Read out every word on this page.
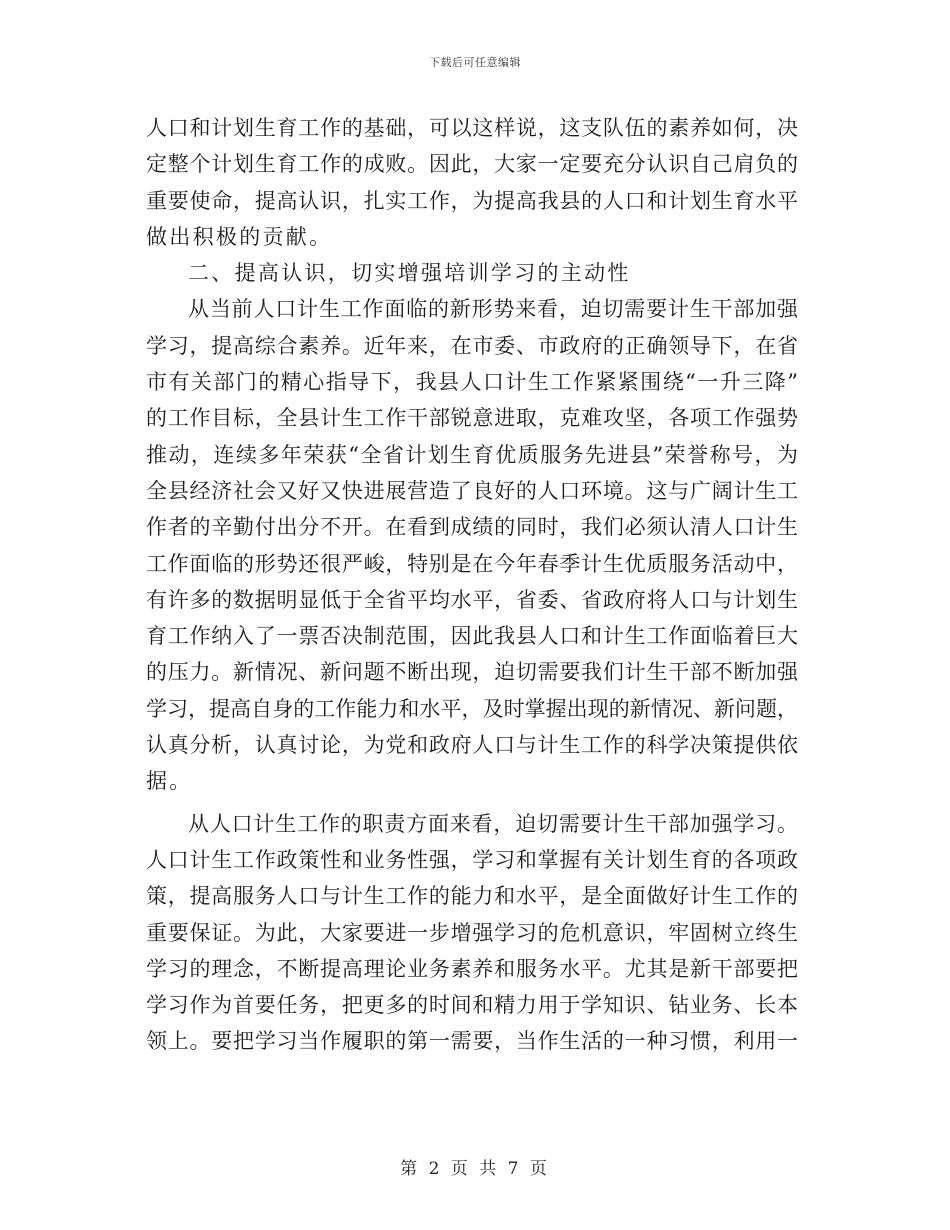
下载后可任意编辑
人口和计划生育工作的基础，可以这样说，这支队伍的素养如何，决
定整个计划生育工作的成败。因此，大家一定要充分认识自己肩负的
重要使命，提高认识，扎实工作，为提高我县的人口和计划生育水平
做出积极的贡献。
二、提高认识，切实增强培训学习的主动性
从当前人口计生工作面临的新形势来看，迫切需要计生干部加强
学习，提高综合素养。近年来，在市委、市政府的正确领导下，在省
市有关部门的精心指导下，我县人口计生工作紧紧围绕“一升三降”
的工作目标，全县计生工作干部锐意进取，克难攻坚，各项工作强势
推动，连续多年荣获“全省计划生育优质服务先进县”荣誉称号，为
全县经济社会又好又快进展营造了良好的人口环境。这与广阔计生工
作者的辛勤付出分不开。在看到成绩的同时，我们必须认清人口计生
工作面临的形势还很严峻，特别是在今年春季计生优质服务活动中，
有许多的数据明显低于全省平均水平，省委、省政府将人口与计划生
育工作纳入了一票否决制范围，因此我县人口和计生工作面临着巨大
的压力。新情况、新问题不断出现，迫切需要我们计生干部不断加强
学习，提高自身的工作能力和水平，及时掌握出现的新情况、新问题，
认真分析，认真讨论，为党和政府人口与计生工作的科学决策提供依
据。
从人口计生工作的职责方面来看，迫切需要计生干部加强学习。
人口计生工作政策性和业务性强，学习和掌握有关计划生育的各项政
策，提高服务人口与计生工作的能力和水平，是全面做好计生工作的
重要保证。为此，大家要进一步增强学习的危机意识，牢固树立终生
学习的理念，不断提高理论业务素养和服务水平。尤其是新干部要把
学习作为首要任务，把更多的时间和精力用于学知识、钻业务、长本
领上。要把学习当作履职的第一需要，当作生活的一种习惯，利用一
第 2 页 共 7 页
